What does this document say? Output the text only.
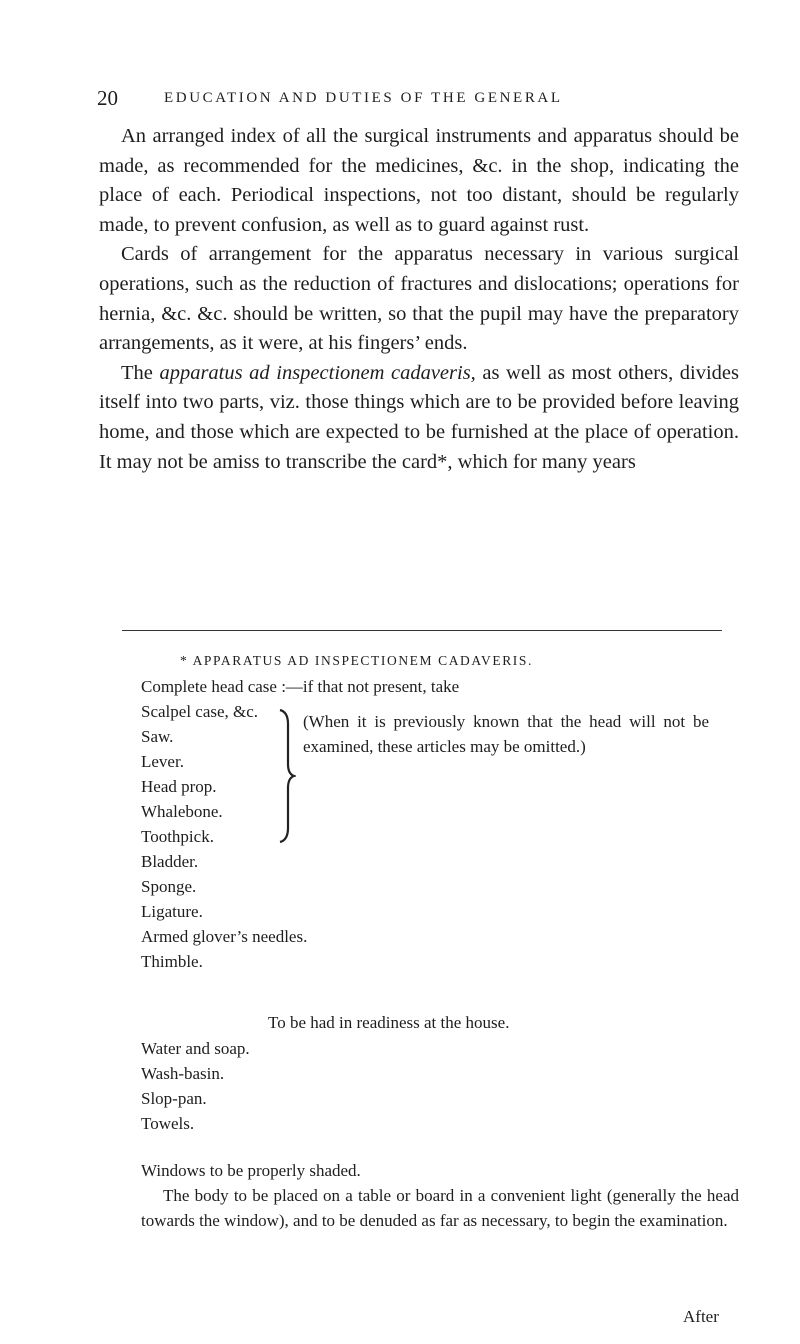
20	EDUCATION AND DUTIES OF THE GENERAL

An arranged index of all the surgical instruments and apparatus should be made, as recommended for the medicines, &c. in the shop, indicating the place of each. Periodical inspections, not too distant, should be regularly made, to prevent confusion, as well as to guard against rust.

Cards of arrangement for the apparatus necessary in various surgical operations, such as the reduction of fractures and dislocations; operations for hernia, &c. &c. should be written, so that the pupil may have the preparatory arrangements, as it were, at his fingers’ ends.

The apparatus ad inspectionem cadaveris, as well as most others, divides itself into two parts, viz. those things which are to be provided before leaving home, and those which are expected to be furnished at the place of operation. It may not be amiss to transcribe the card*, which for many years

* APPARATUS AD INSPECTIONEM CADAVERIS.
Complete head case :—if that not present, take
Scalpel case, &c.
Saw.
Lever.
Head prop.
Whalebone.
Toothpick.
Bladder.
Sponge.
Ligature.
Armed glover’s needles.
Thimble.
(When it is previously known that the head will not be examined, these articles may be omitted.)
To be had in readiness at the house.
Water and soap.
Wash-basin.
Slop-pan.
Towels.

Windows to be properly shaded.

The body to be placed on a table or board in a convenient light (generally the head towards the window), and to be denuded as far as necessary, to begin the examination.

After
